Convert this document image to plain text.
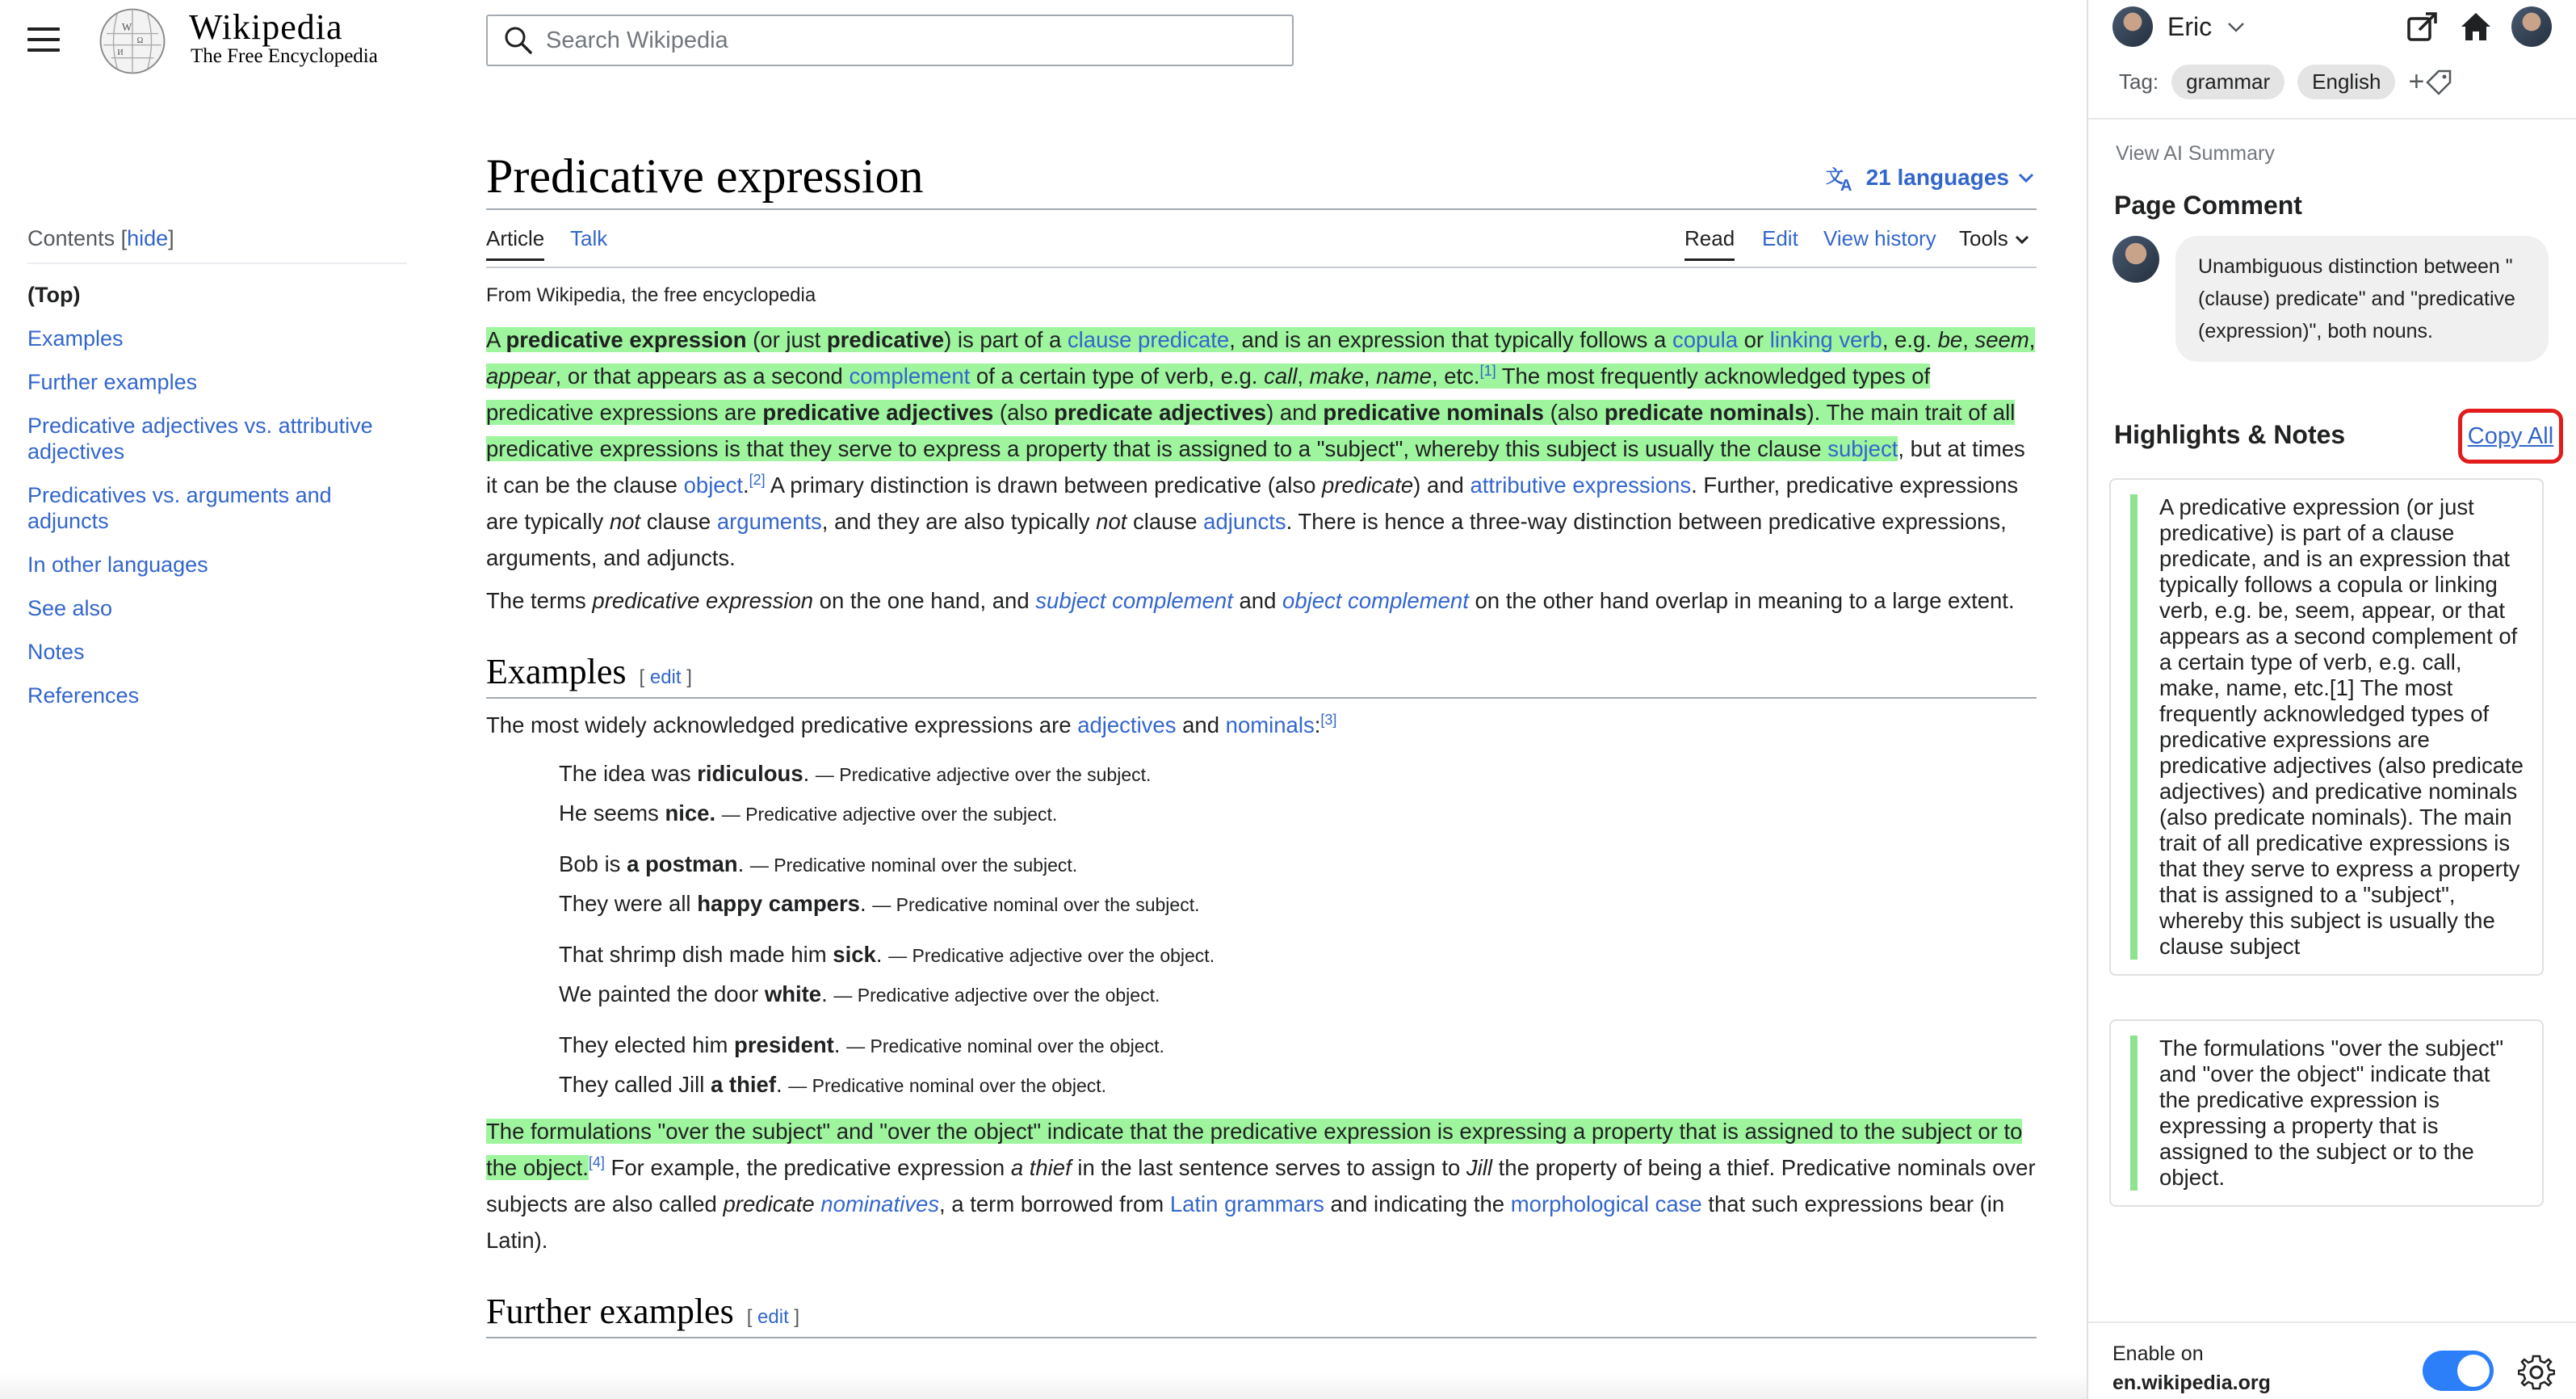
W
Ω
И
Wikipedia
The Free Encyclopedia
Search Wikipedia
Contents [hide]
(Top)
Examples
Further examples
Predicative adjectives vs. attributive adjectives
Predicatives vs. arguments and adjuncts
In other languages
See also
Notes
References
Predicative expression	文
A 21 languages
Article Talk	Read Edit View history Tools
From Wikipedia, the free encyclopedia

A predicative expression (or just predicative) is part of a clause predicate, and is an expression that typically follows a copula or linking verb, e.g. be, seem, appear, or that appears as a second complement of a certain type of verb, e.g. call, make, name, etc.[1] The most frequently acknowledged types of predicative expressions are predicative adjectives (also predicate adjectives) and predicative nominals (also predicate nominals). The main trait of all predicative expressions is that they serve to express a property that is assigned to a "subject", whereby this subject is usually the clause subject, but at times it can be the clause object.[2] A primary distinction is drawn between predicative (also predicate) and attributive expressions. Further, predicative expressions are typically not clause arguments, and they are also typically not clause adjuncts. There is hence a three-way distinction between predicative expressions, arguments, and adjuncts.

The terms predicative expression on the one hand, and subject complement and object complement on the other hand overlap in meaning to a large extent.

Examples [ edit ]

The most widely acknowledged predicative expressions are adjectives and nominals:[3]

The idea was ridiculous. — Predicative adjective over the subject.
He seems nice. — Predicative adjective over the subject.
Bob is a postman. — Predicative nominal over the subject.
They were all happy campers. — Predicative nominal over the subject.
That shrimp dish made him sick. — Predicative adjective over the object.
We painted the door white. — Predicative adjective over the object.
They elected him president. — Predicative nominal over the object.
They called Jill a thief. — Predicative nominal over the object.

The formulations "over the subject" and "over the object" indicate that the predicative expression is expressing a property that is assigned to the subject or to the object.[4] For example, the predicative expression a thief in the last sentence serves to assign to Jill the property of being a thief. Predicative nominals over subjects are also called predicate nominatives, a term borrowed from Latin grammars and indicating the morphological case that such expressions bear (in Latin).

Further examples [ edit ]
Eric
Tag:	grammar	English	+
View AI Summary
Page Comment
Unambiguous distinction between "(clause) predicate" and "predicative (expression)", both nouns.
Highlights & Notes	Copy All

A predicative expression (or just predicative) is part of a clause predicate, and is an expression that typically follows a copula or linking verb, e.g. be, seem, appear, or that appears as a second complement of a certain type of verb, e.g. call, make, name, etc.[1] The most frequently acknowledged types of predicative expressions are predicative adjectives (also predicate adjectives) and predicative nominals (also predicate nominals). The main trait of all predicative expressions is that they serve to express a property that is assigned to a "subject", whereby this subject is usually the clause subject

The formulations "over the subject" and "over the object" indicate that the predicative expression is expressing a property that is assigned to the subject or to the object.

Enable on
en.wikipedia.org
